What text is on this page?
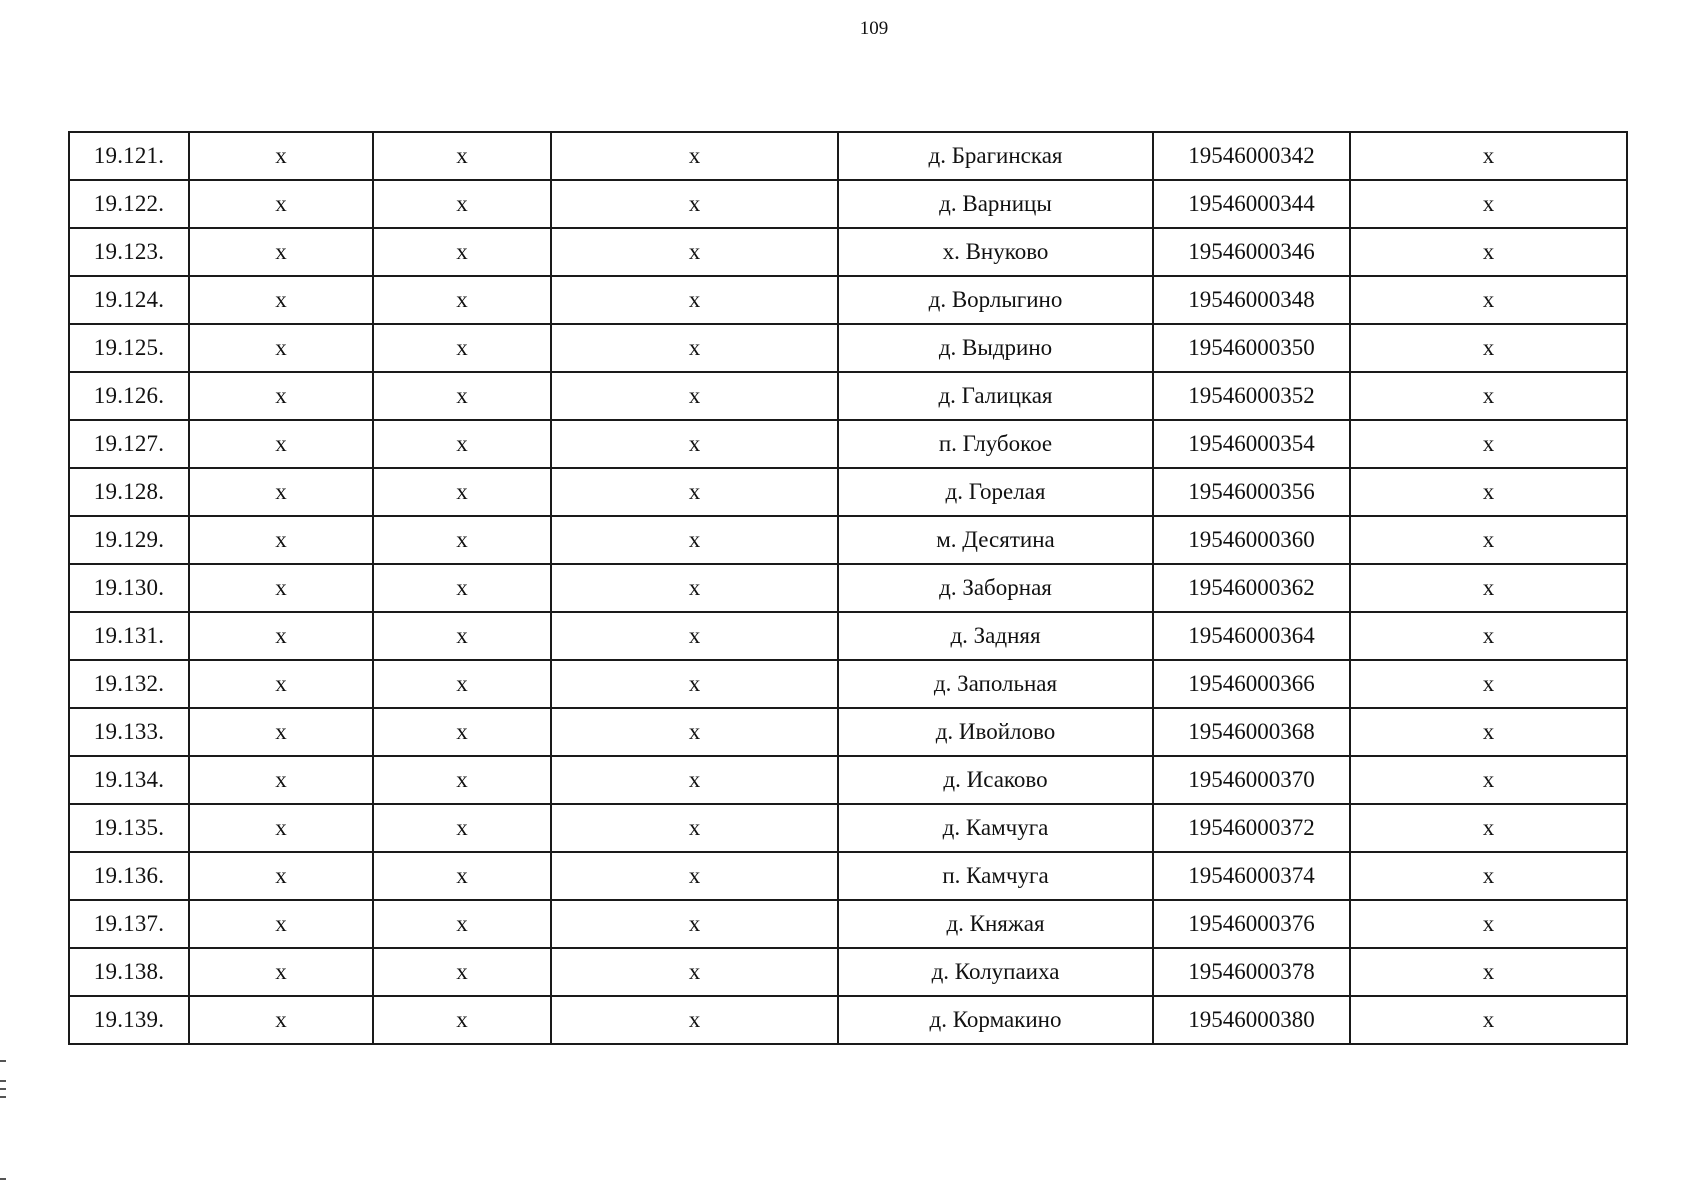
109
19.121.	х	х	х	д. Брагинская	19546000342	х
19.122.	х	х	х	д. Варницы	19546000344	х
19.123.	х	х	х	х. Внуково	19546000346	х
19.124.	х	х	х	д. Ворлыгино	19546000348	х
19.125.	х	х	х	д. Выдрино	19546000350	х
19.126.	х	х	х	д. Галицкая	19546000352	х
19.127.	х	х	х	п. Глубокое	19546000354	х
19.128.	х	х	х	д. Горелая	19546000356	х
19.129.	х	х	х	м. Десятина	19546000360	х
19.130.	х	х	х	д. Заборная	19546000362	х
19.131.	х	х	х	д. Задняя	19546000364	х
19.132.	х	х	х	д. Запольная	19546000366	х
19.133.	х	х	х	д. Ивойлово	19546000368	х
19.134.	х	х	х	д. Исаково	19546000370	х
19.135.	х	х	х	д. Камчуга	19546000372	х
19.136.	х	х	х	п. Камчуга	19546000374	х
19.137.	х	х	х	д. Княжая	19546000376	х
19.138.	х	х	х	д. Колупаиха	19546000378	х
19.139.	х	х	х	д. Кормакино	19546000380	х
